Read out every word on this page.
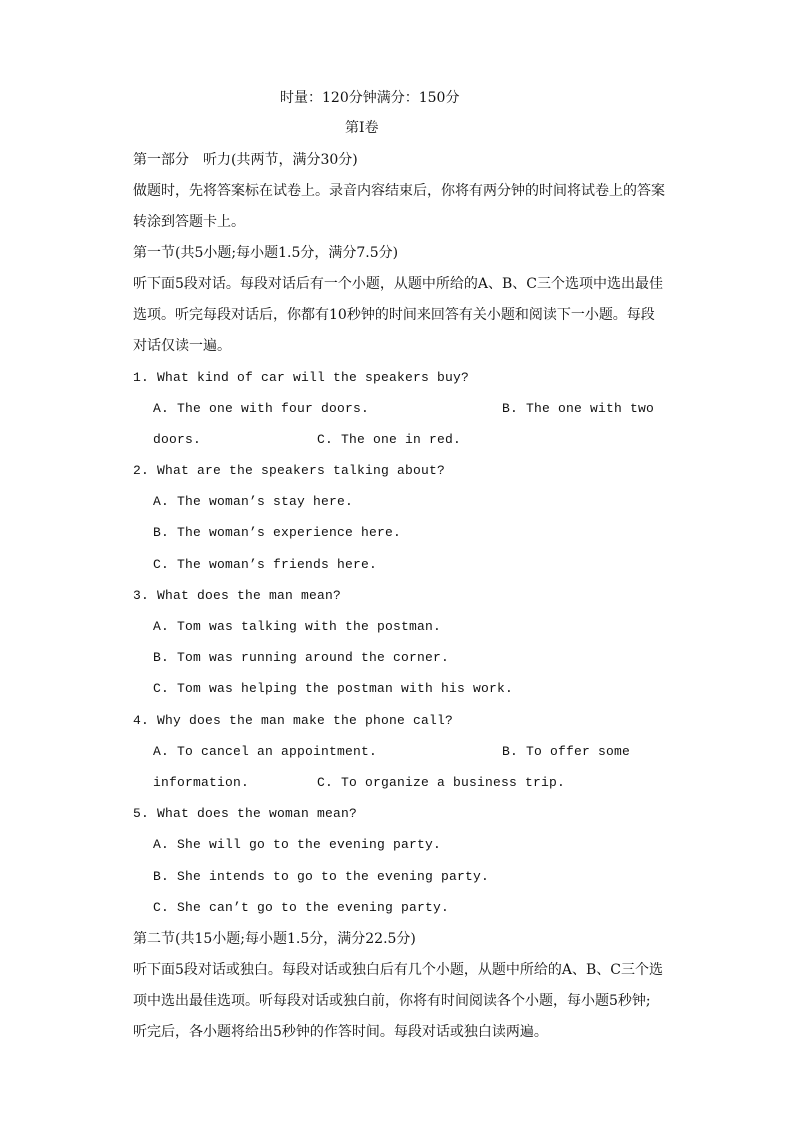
时量：120分钟满分：150分
第Ⅰ卷
第一部分　听力(共两节，满分30分)
做题时，先将答案标在试卷上。录音内容结束后，你将有两分钟的时间将试卷上的答案
转涂到答题卡上。
第一节(共5小题;每小题1.5分，满分7.5分)
听下面5段对话。每段对话后有一个小题，从题中所给的A、B、C三个选项中选出最佳
选项。听完每段对话后，你都有10秒钟的时间来回答有关小题和阅读下一小题。每段
对话仅读一遍。
1. What kind of car will the speakers buy?
A. The one with four doors.	B. The one with two
doors.	C. The one in red.
2. What are the speakers talking about?
A. The woman’s stay here.
B. The woman’s experience here.
C. The woman’s friends here.
3. What does the man mean?
A. Tom was talking with the postman.
B. Tom was running around the corner.
C. Tom was helping the postman with his work.
4. Why does the man make the phone call?
A. To cancel an appointment.	B. To offer some
information.	C. To organize a business trip.
5. What does the woman mean?
A. She will go to the evening party.
B. She intends to go to the evening party.
C. She can’t go to the evening party.
第二节(共15小题;每小题1.5分，满分22.5分)
听下面5段对话或独白。每段对话或独白后有几个小题，从题中所给的A、B、C三个选
项中选出最佳选项。听每段对话或独白前，你将有时间阅读各个小题，每小题5秒钟;
听完后，各小题将给出5秒钟的作答时间。每段对话或独白读两遍。
